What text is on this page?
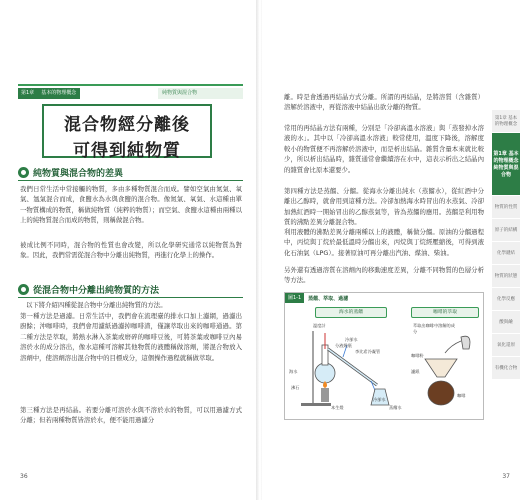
第1章	基本的物理概念	純物質與混合物
混合物經分離後
可得到純物質
純物質與混合物的差異
我們日常生活中常接觸的物質，多由多種物質混合而成。譬如空氣由氮氣、氧氣、氬氣混合而成，食鹽水為水與食鹽的混合物。像氮氣、氧氣、水這種由單一物質構成的物質，稱做純物質（純粹的物質）；而空氣、食鹽水這種由兩種以上的純物質混合而成的物質，則稱做混合物。
被成比例不同時，混合物的性質也會改變，所以化學研究通常以純物質為對象。因此，我們常需從混合物中分離出純物質，再進行化學上的操作。
從混合物中分離出純物質的方法
以下將介紹四種從混合物中分離出純物質的方法。
第一種方法是過濾。日常生活中，我們會在流理臺的排水口加上濾網，過濾出廚餘；沖咖啡時，我們會用濾紙過濾掉咖啡渣，僅讓萃取出來的咖啡通過。第二種方法是萃取，將熱水淋入茶葉或磨碎的咖啡豆後，可將茶葉或咖啡豆內易溶於水的成分溶出，像水這種可溶解其他物質的液體稱做溶劑，將混合物放入溶劑中，使溶劑溶出混合物中的目標成分，這個操作過程就稱做萃取。
第三種方法是再結晶。若要分離可溶於水與不溶於水的物質，可以用過濾方式分離；但若兩種物質皆溶於水，便不能用過濾分
36
離。時是會透過再結晶方式分離。所謂的再結晶，是將溶質（含雜質）溶解於溶液中，再從溶液中結晶出欲分離的物質。
常用的再結晶方法有兩種，分別是「冷卻高溫水溶液」與「蒸發掉水溶液的水」。其中以「冷卻高溫水溶液」較常使用，溫度下降後，溶解度較小的物質便不再溶解於溶液中，而是析出結晶。雜質含量本來就比較少，所以析出結晶時，雜質通常會繼續溶在水中，這表示析出之結晶內的雜質會比原本還要少。
第四種方法是蒸餾、分餾。從海水分離出純水（蒸餾水），從紅酒中分離出乙醇時，就會用到這種方法。冷卻加熱海水時冒出的水蒸氣、冷卻加熱紅酒時一開始冒出的乙醇蒸氣等，皆為蒸餾的應用。蒸餾是利用物質的沸點差異分離混合物。
利用液體的沸點差異分離兩種以上的液體，稱做分餾。原油的分餾過程中，丙烷與丁烷於最低溫時分餾出來，丙烷與丁烷經壓縮後，可得到液化石油氣（LPG）。接著原油可再分離出汽油、煤油、柴油。
另外還有透過溶質在溶劑內的移動速度差異，分離不同物質的色層分析等方法。
圖1-1	蒸餾、萃取、過濾
海水的蒸餾	咖啡的萃取
溫度計
分液燒瓶
海水
沸石
李比希冷凝管
本生燈
冷卻水
冷卻水
蒸餾水
萃取出咖啡中溶解的成分
咖啡粉
濾紙
咖啡
第1章 基本的物理概念
第1章 基本的物理概念 純物質與混合物
物質的性質
原子的結構
化學鍵結
物質的狀態
化學反應
酸與鹼
氧化還原
有機化合物
37
